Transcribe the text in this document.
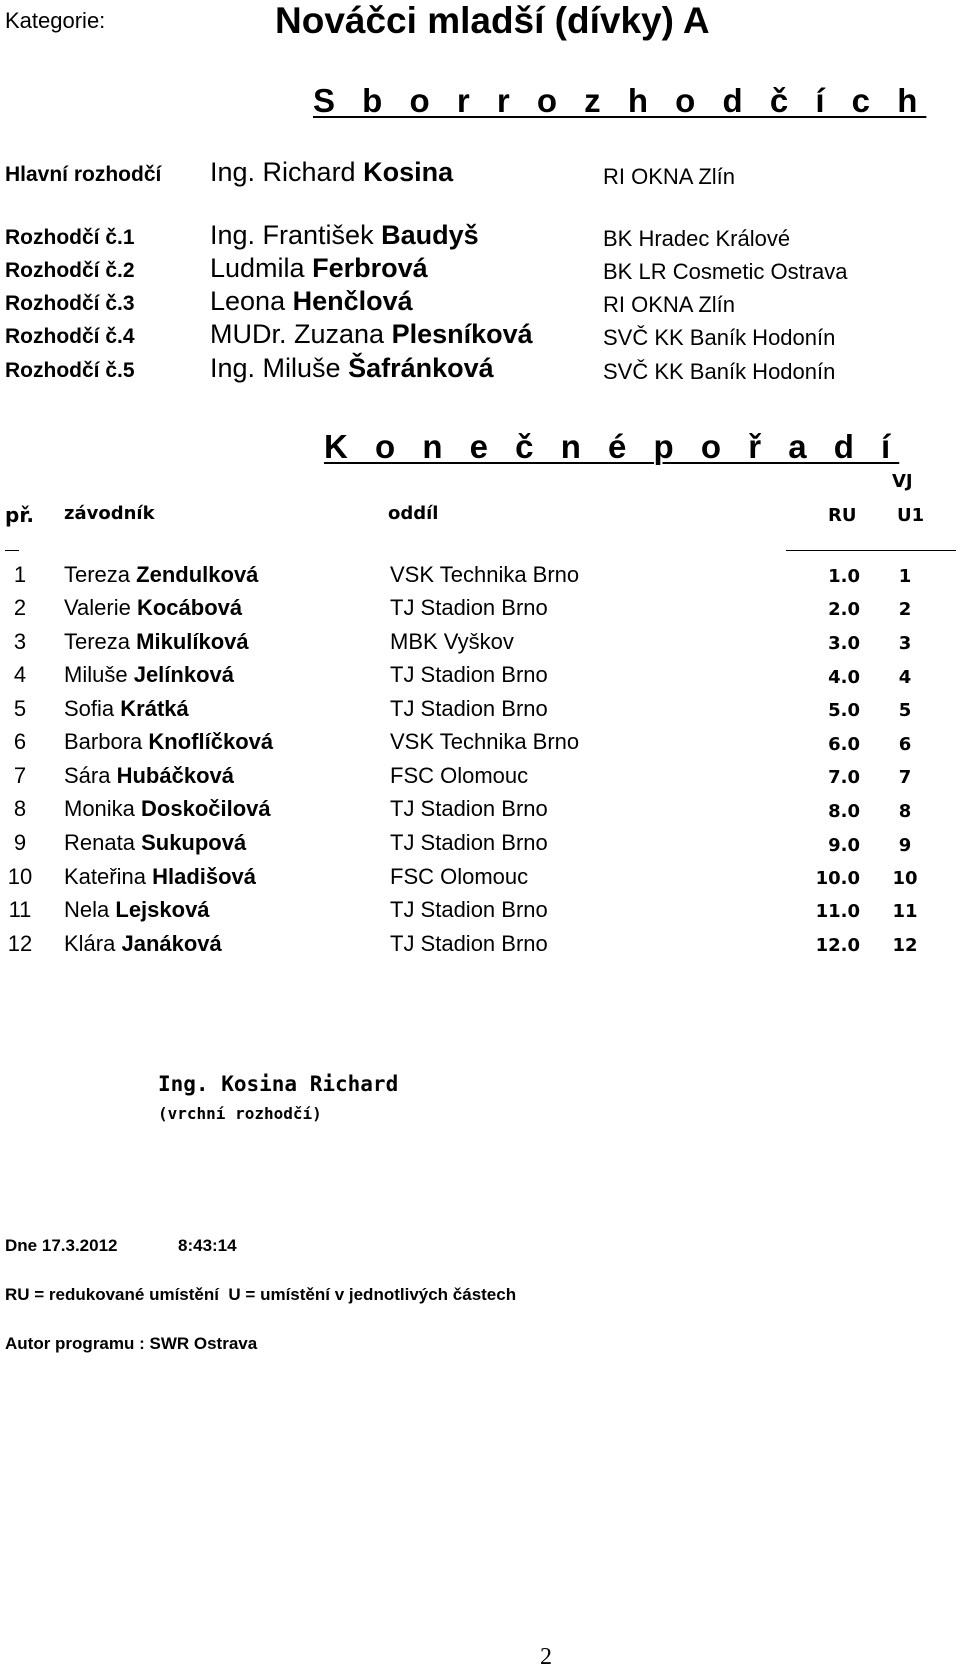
Kategorie:	Nováčci mladší (dívky) A
S b o r r o z h o d č í c h
Hlavní rozhodčí Ing. Richard Kosina	RI OKNA Zlín
Rozhodčí č.1	Ing. František Baudyš	BK Hradec Králové
Rozhodčí č.2	Ludmila Ferbrová	BK LR Cosmetic Ostrava
Rozhodčí č.3	Leona Henčlová	RI OKNA Zlín
Rozhodčí č.4	MUDr. Zuzana Plesníková	SVČ KK Baník Hodonín
Rozhodčí č.5	Ing. Miluše Šafránková	SVČ KK Baník Hodonín
K o n e č n é p o ř a d í
VJ
př. závodník	oddíl	RU U1
1	Tereza Zendulková	VSK Technika Brno	1.0	1
2	Valerie Kocábová	TJ Stadion Brno	2.0	2
3	Tereza Mikulíková	MBK Vyškov	3.0	3
4	Miluše Jelínková	TJ Stadion Brno	4.0	4
5	Sofia Krátká	TJ Stadion Brno	5.0	5
6	Barbora Knoflíčková	VSK Technika Brno	6.0	6
7	Sára Hubáčková	FSC Olomouc	7.0	7
8	Monika Doskočilová	TJ Stadion Brno	8.0	8
9	Renata Sukupová	TJ Stadion Brno	9.0	9
10 Kateřina Hladišová	FSC Olomouc	10.0	10
11 Nela Lejsková	TJ Stadion Brno	11.0	11
12 Klára Janáková	TJ Stadion Brno	12.0	12
Ing. Kosina Richard
(vrchní rozhodčí)
Dne 17.3.2012	8:43:14
RU = redukované umístění  U = umístění v jednotlivých částech
Autor programu : SWR Ostrava
2
